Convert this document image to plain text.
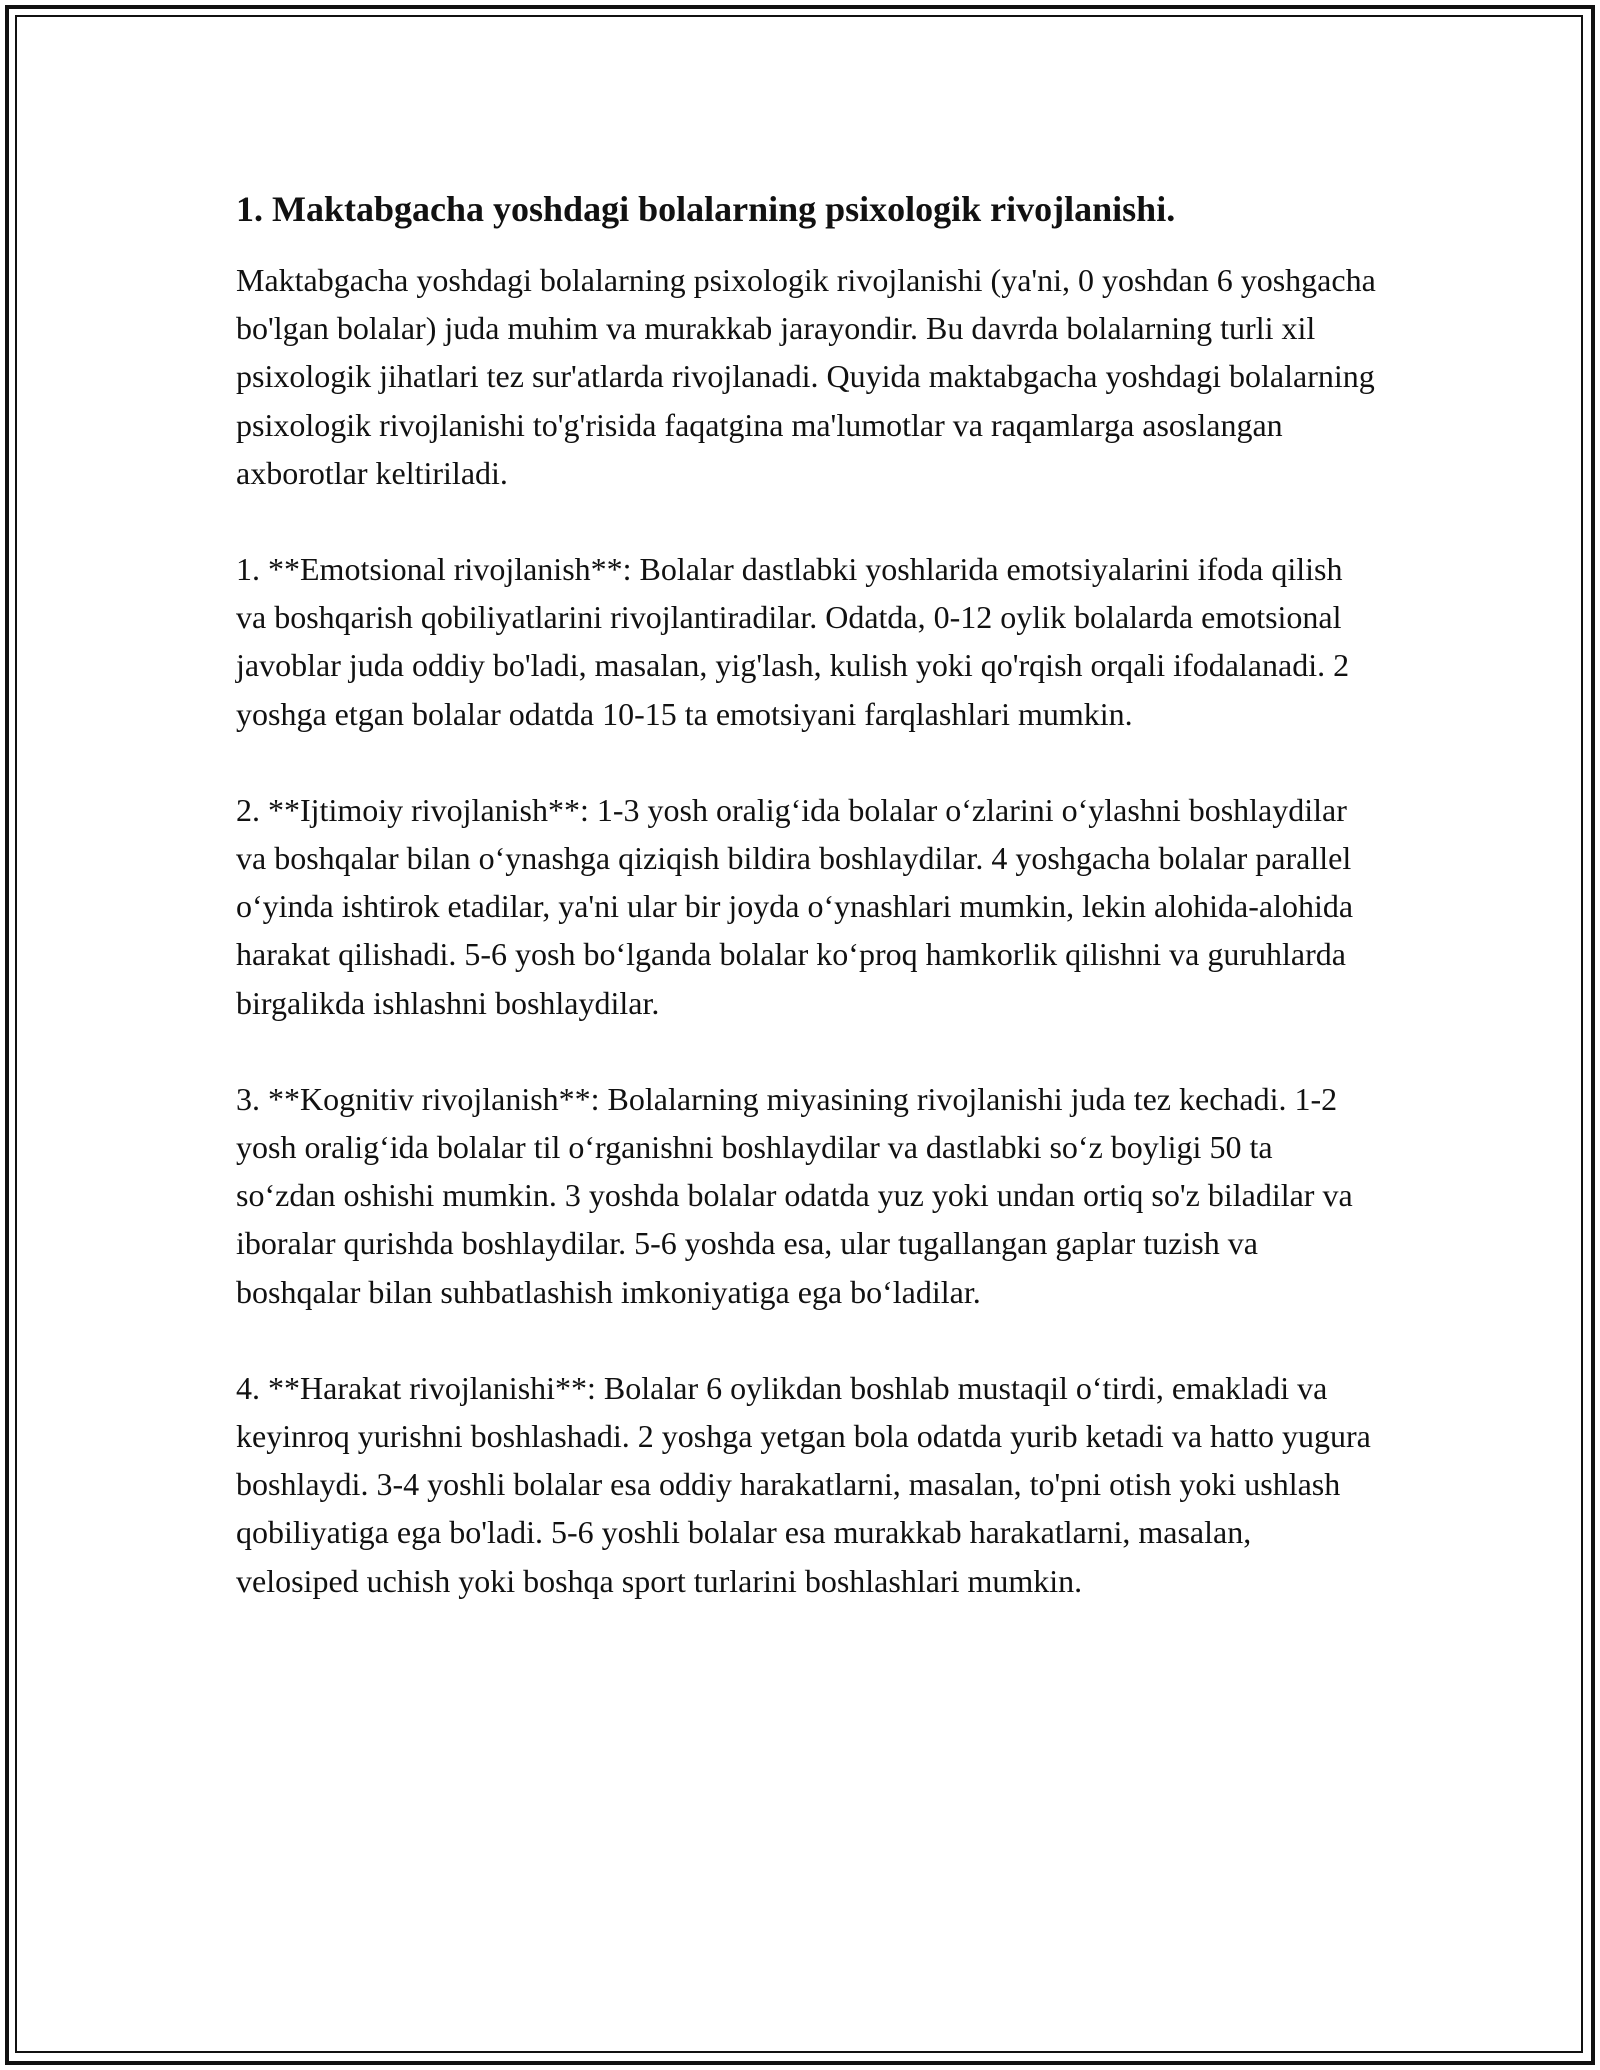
1. Maktabgacha yoshdagi bolalarning psixologik rivojlanishi.

Maktabgacha yoshdagi bolalarning psixologik rivojlanishi (ya'ni, 0 yoshdan 6 yoshgacha bo'lgan bolalar) juda muhim va murakkab jarayondir. Bu davrda bolalarning turli xil psixologik jihatlari tez sur'atlarda rivojlanadi. Quyida maktabgacha yoshdagi bolalarning psixologik rivojlanishi to'g'risida faqatgina ma'lumotlar va raqamlarga asoslangan axborotlar keltiriladi.

1. **Emotsional rivojlanish**: Bolalar dastlabki yoshlarida emotsiyalarini ifoda qilish va boshqarish qobiliyatlarini rivojlantiradilar. Odatda, 0-12 oylik bolalarda emotsional javoblar juda oddiy bo'ladi, masalan, yig'lash, kulish yoki qo'rqish orqali ifodalanadi. 2 yoshga etgan bolalar odatda 10-15 ta emotsiyani farqlashlari mumkin.

2. **Ijtimoiy rivojlanish**: 1-3 yosh oralig‘ida bolalar o‘zlarini o‘ylashni boshlaydilar va boshqalar bilan o‘ynashga qiziqish bildira boshlaydilar. 4 yoshgacha bolalar parallel o‘yinda ishtirok etadilar, ya'ni ular bir joyda o‘ynashlari mumkin, lekin alohida-alohida harakat qilishadi. 5-6 yosh bo‘lganda bolalar ko‘proq hamkorlik qilishni va guruhlarda birgalikda ishlashni boshlaydilar.

3. **Kognitiv rivojlanish**: Bolalarning miyasining rivojlanishi juda tez kechadi. 1-2 yosh oralig‘ida bolalar til o‘rganishni boshlaydilar va dastlabki so‘z boyligi 50 ta so‘zdan oshishi mumkin. 3 yoshda bolalar odatda yuz yoki undan ortiq so'z biladilar va iboralar qurishda boshlaydilar. 5-6 yoshda esa, ular tugallangan gaplar tuzish va boshqalar bilan suhbatlashish imkoniyatiga ega bo‘ladilar.

4. **Harakat rivojlanishi**: Bolalar 6 oylikdan boshlab mustaqil o‘tirdi, emakladi va keyinroq yurishni boshlashadi. 2 yoshga yetgan bola odatda yurib ketadi va hatto yugura boshlaydi. 3-4 yoshli bolalar esa oddiy harakatlarni, masalan, to'pni otish yoki ushlash qobiliyatiga ega bo'ladi. 5-6 yoshli bolalar esa murakkab harakatlarni, masalan, velosiped uchish yoki boshqa sport turlarini boshlashlari mumkin.
